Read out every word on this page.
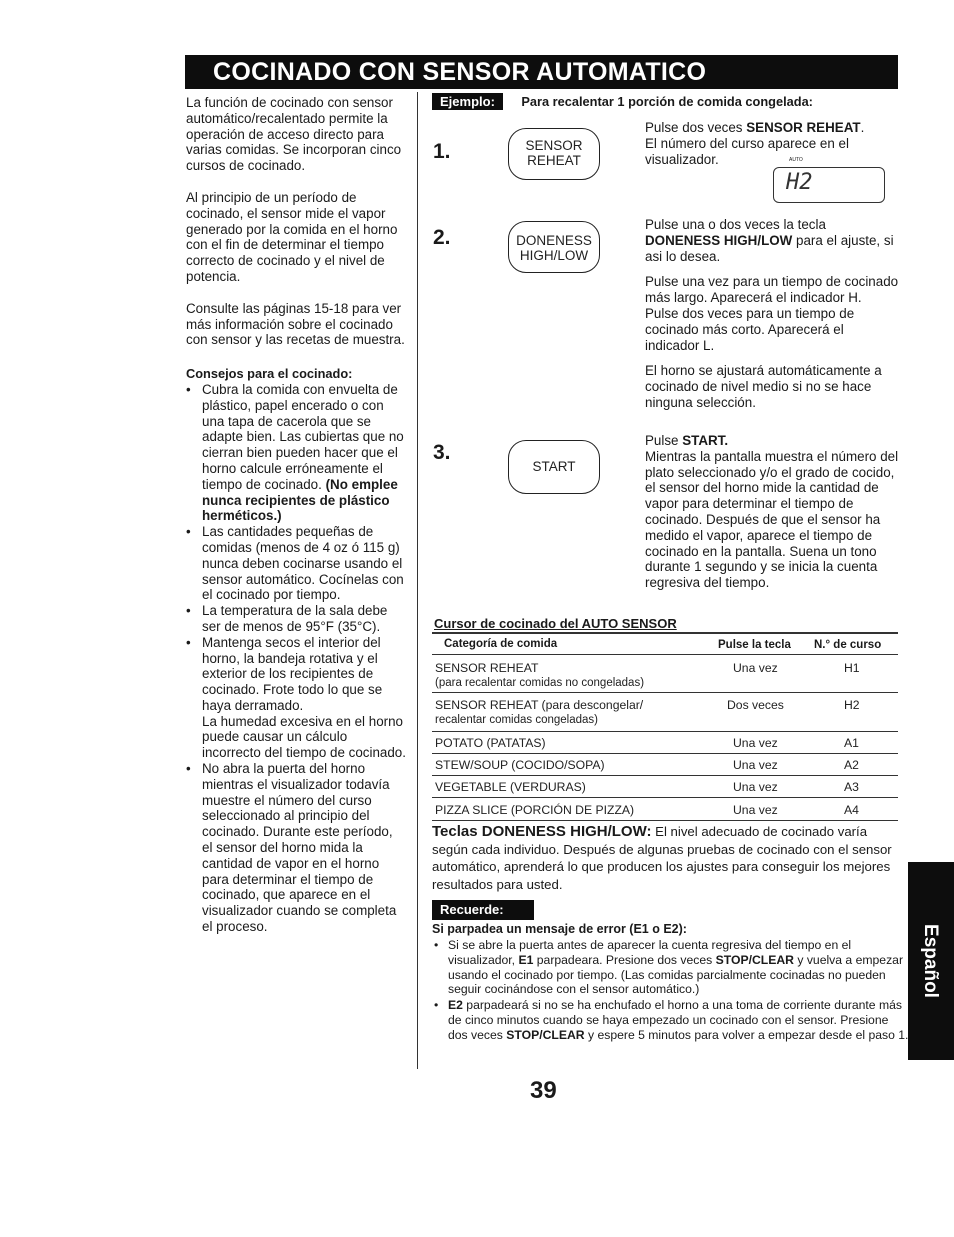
COCINADO CON SENSOR AUTOMATICO

La función de cocinado con sensor automático/recalentado permite la operación de acceso directo para varias comidas. Se incorporan cinco cursos de cocinado.

Al principio de un período de cocinado, el sensor mide el vapor generado por la comida en el horno con el fin de determinar el tiempo correcto de cocinado y el nivel de potencia.

Consulte las páginas 15-18 para ver más información sobre el cocinado con sensor y las recetas de muestra.

Consejos para el cocinado:
• Cubra la comida con envuelta de plástico, papel encerado o con una tapa de cacerola que se adapte bien. Las cubiertas que no cierran bien pueden hacer que el horno calcule erróneamente el tiempo de cocinado. (No emplee nunca recipientes de plástico herméticos.)
• Las cantidades pequeñas de comidas (menos de 4 oz ó 115 g) nunca deben cocinarse usando el sensor automático. Cocínelas con el cocinado por tiempo.
• La temperatura de la sala debe ser de menos de 95°F (35°C).
• Mantenga secos el interior del horno, la bandeja rotativa y el exterior de los recipientes de cocinado. Frote todo lo que se haya derramado.
La humedad excesiva en el horno puede causar un cálculo incorrecto del tiempo de cocinado.
• No abra la puerta del horno mientras el visualizador todavía muestre el número del curso seleccionado al principio del cocinado. Durante este período, el sensor del horno mida la cantidad de vapor en el horno para determinar el tiempo de cocinado, que aparece en el visualizador cuando se completa el proceso.
Ejemplo: Para recalentar 1 porción de comida congelada:
1.	SENSOR
REHEAT
Pulse dos veces SENSOR REHEAT.
El número del curso aparece en el visualizador.	AUTO
H2
2.	DONENESS
HIGH/LOW

Pulse una o dos veces la tecla DONENESS HIGH/LOW para el ajuste, si asi lo desea.

Pulse una vez para un tiempo de cocinado más largo. Aparecerá el indicador H.

Pulse dos veces para un tiempo de cocinado más corto. Aparecerá el indicador L.

El horno se ajustará automáticamente a cocinado de nivel medio si no se hace ninguna selección.

3.
START
Pulse START.
Mientras la pantalla muestra el número del plato seleccionado y/o el grado de cocido, el sensor del horno mide la cantidad de vapor para determinar el tiempo de cocinado. Después de que el sensor ha medido el vapor, aparece el tiempo de cocinado en la pantalla. Suena un tono durante 1 segundo y se inicia la cuenta regresiva del tiempo.
Cursor de cocinado del AUTO SENSOR
Categoría de comida	Pulse la tecla N.° de curso
SENSOR REHEAT
(para recalentar comidas no congeladas)
Una vez	H1
SENSOR REHEAT (para descongelar/
recalentar comidas congeladas)
Dos veces	H2
POTATO (PATATAS)	Una vez	A1
STEW/SOUP (COCIDO/SOPA)	Una vez	A2
VEGETABLE (VERDURAS)	Una vez	A3
PIZZA SLICE (PORCIÓN DE PIZZA)	Una vez	A4
Teclas DONENESS HIGH/LOW: El nivel adecuado de cocinado varía según cada individuo. Después de algunas pruebas de cocinado con el sensor automático, aprenderá lo que producen los ajustes para conseguir los mejores resultados para usted.
Recuerde:
Si parpadea un mensaje de error (E1 o E2):
• Si se abre la puerta antes de aparecer la cuenta regresiva del tiempo en el visualizador, E1 parpadeara. Presione dos veces STOP/CLEAR y vuelva a empezar usando el cocinado por tiempo. (Las comidas parcialmente cocinadas no pueden seguir cocinándose con el sensor automático.)
• E2 parpadeará si no se ha enchufado el horno a una toma de corriente durante más de cinco minutos cuando se haya empezado un cocinado con el sensor. Presione dos veces STOP/CLEAR y espere 5 minutos para volver a empezar desde el paso 1.
39
Español
